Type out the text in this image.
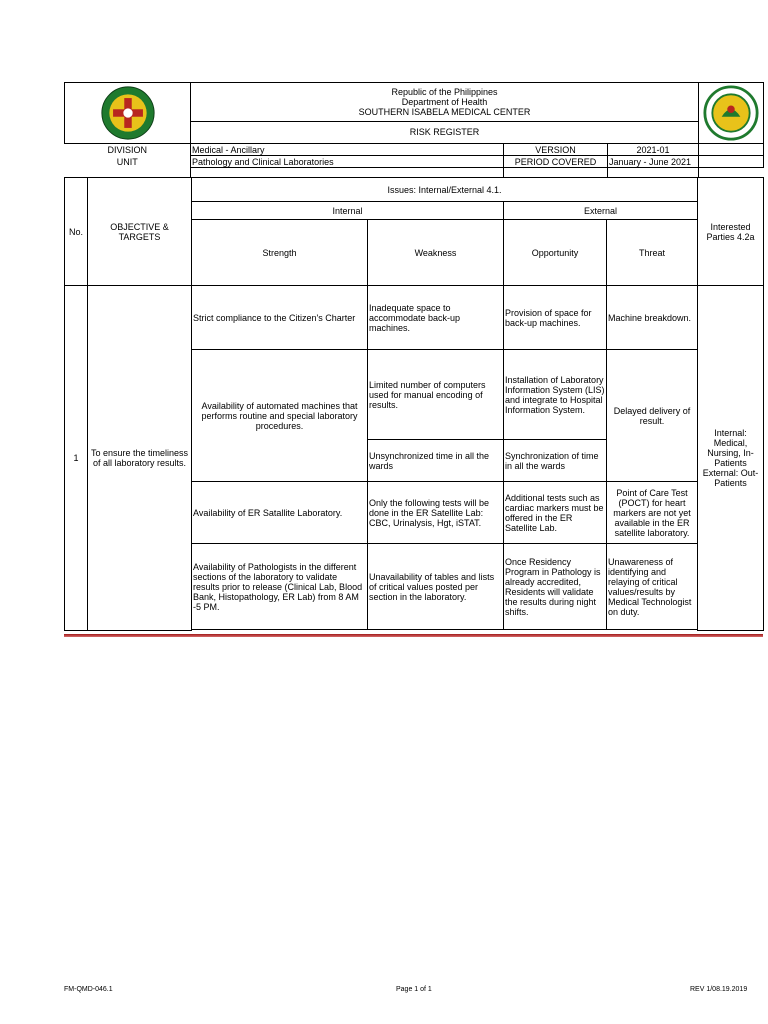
Republic of the Philippines
Department of Health
SOUTHERN ISABELA MEDICAL CENTER

	RISK REGISTER			
DIVISION	Medical - Ancillary	VERSION	2021-01	
UNIT	Pathology and Clinical Laboratories	PERIOD COVERED	January - June 2021	

No.	OBJECTIVE & TARGETS	Issues: Internal/External 4.1.				Interested Parties 4.2a
		Internal		External		
		Strength	Weakness	Opportunity	Threat	
1	To ensure the timeliness of all laboratory results.	Strict compliance to the Citizen's Charter	Inadequate space to accommodate back-up machines.	Provision of space for back-up machines.	Machine breakdown.	Internal: Medical, Nursing, In-Patients External: Out-Patients
		Availability of automated machines that performs routine and special laboratory procedures.	Limited number of computers used for manual encoding of results.	Installation of Laboratory Information System (LIS) and integrate to Hospital Information System.	Delayed delivery of result.	
			Unsynchronized time in all the wards	Synchronization of time in all the wards		
		Availability of ER Satallite Laboratory.	Only the following tests will be done in the ER Satellite Lab: CBC, Urinalysis, Hgt, iSTAT.	Additional tests such as cardiac markers must be offered in the ER Satellite Lab.	Point of Care Test (POCT) for heart markers are not yet available in the ER satellite laboratory.	
		Availability of Pathologists in the different sections of the laboratory to validate results prior to release (Clinical Lab, Blood Bank, Histopathology, ER Lab) from 8 AM -5 PM.	Unavailability of tables and lists of critical values posted per section in the laboratory.	Once Residency Program in Pathology is already accredited, Residents will validate the results during night shifts.	Unawareness of identifying and relaying of critical values/results by Medical Technologist on duty.	

FM-QMD-046.1	Page 1 of 1	REV 1/08.19.2019
